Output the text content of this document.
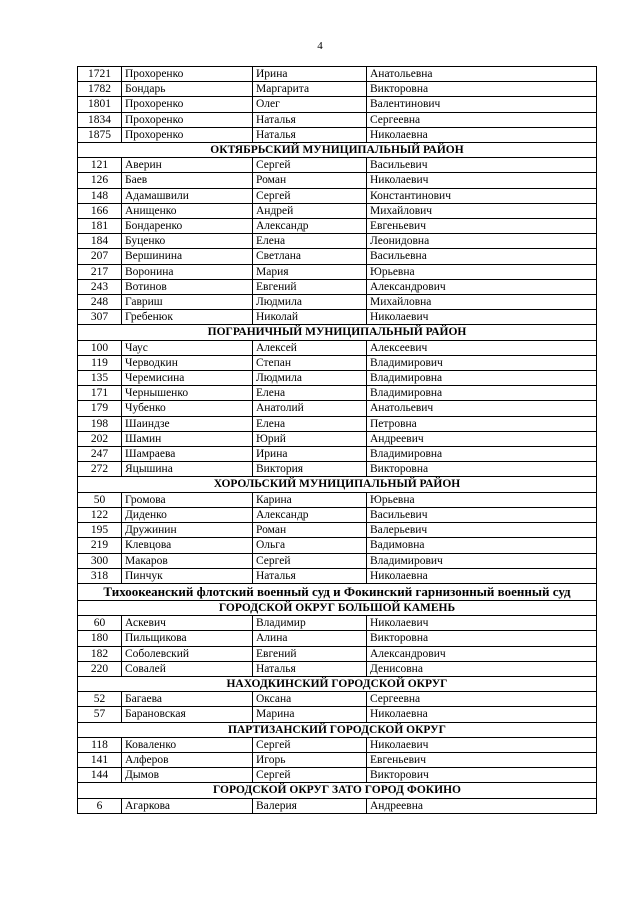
4
1721	Прохоренко	Ирина	Анатольевна
1782	Бондарь	Маргарита	Викторовна
1801	Прохоренко	Олег	Валентинович
1834	Прохоренко	Наталья	Сергеевна
1875	Прохоренко	Наталья	Николаевна
ОКТЯБРЬСКИЙ МУНИЦИПАЛЬНЫЙ РАЙОН			
121	Аверин	Сергей	Васильевич
126	Баев	Роман	Николаевич
148	Адамашвили	Сергей	Константинович
166	Анищенко	Андрей	Михайлович
181	Бондаренко	Александр	Евгеньевич
184	Буценко	Елена	Леонидовна
207	Вершинина	Светлана	Васильевна
217	Воронина	Мария	Юрьевна
243	Вотинов	Евгений	Александрович
248	Гавриш	Людмила	Михайловна
307	Гребенюк	Николай	Николаевич
ПОГРАНИЧНЫЙ МУНИЦИПАЛЬНЫЙ РАЙОН			
100	Чаус	Алексей	Алексеевич
119	Черводкин	Степан	Владимирович
135	Черемисина	Людмила	Владимировна
171	Чернышенко	Елена	Владимировна
179	Чубенко	Анатолий	Анатольевич
198	Шаиндзе	Елена	Петровна
202	Шамин	Юрий	Андреевич
247	Шамраева	Ирина	Владимировна
272	Яцышина	Виктория	Викторовна
ХОРОЛЬСКИЙ МУНИЦИПАЛЬНЫЙ РАЙОН			
50	Громова	Карина	Юрьевна
122	Диденко	Александр	Васильевич
195	Дружинин	Роман	Валерьевич
219	Клевцова	Ольга	Вадимовна
300	Макаров	Сергей	Владимирович
318	Пинчук	Наталья	Николаевна
Тихоокеанский флотский военный суд и Фокинский гарнизонный военный суд			
ГОРОДСКОЙ ОКРУГ БОЛЬШОЙ КАМЕНЬ			
60	Аскевич	Владимир	Николаевич
180	Пильщикова	Алина	Викторовна
182	Соболевский	Евгений	Александрович
220	Совалей	Наталья	Денисовна
НАХОДКИНСКИЙ ГОРОДСКОЙ ОКРУГ			
52	Багаева	Оксана	Сергеевна
57	Барановская	Марина	Николаевна
ПАРТИЗАНСКИЙ ГОРОДСКОЙ ОКРУГ			
118	Коваленко	Сергей	Николаевич
141	Алферов	Игорь	Евгеньевич
144	Дымов	Сергей	Викторович
ГОРОДСКОЙ ОКРУГ ЗАТО ГОРОД ФОКИНО			
6	Агаркова	Валерия	Андреевна
